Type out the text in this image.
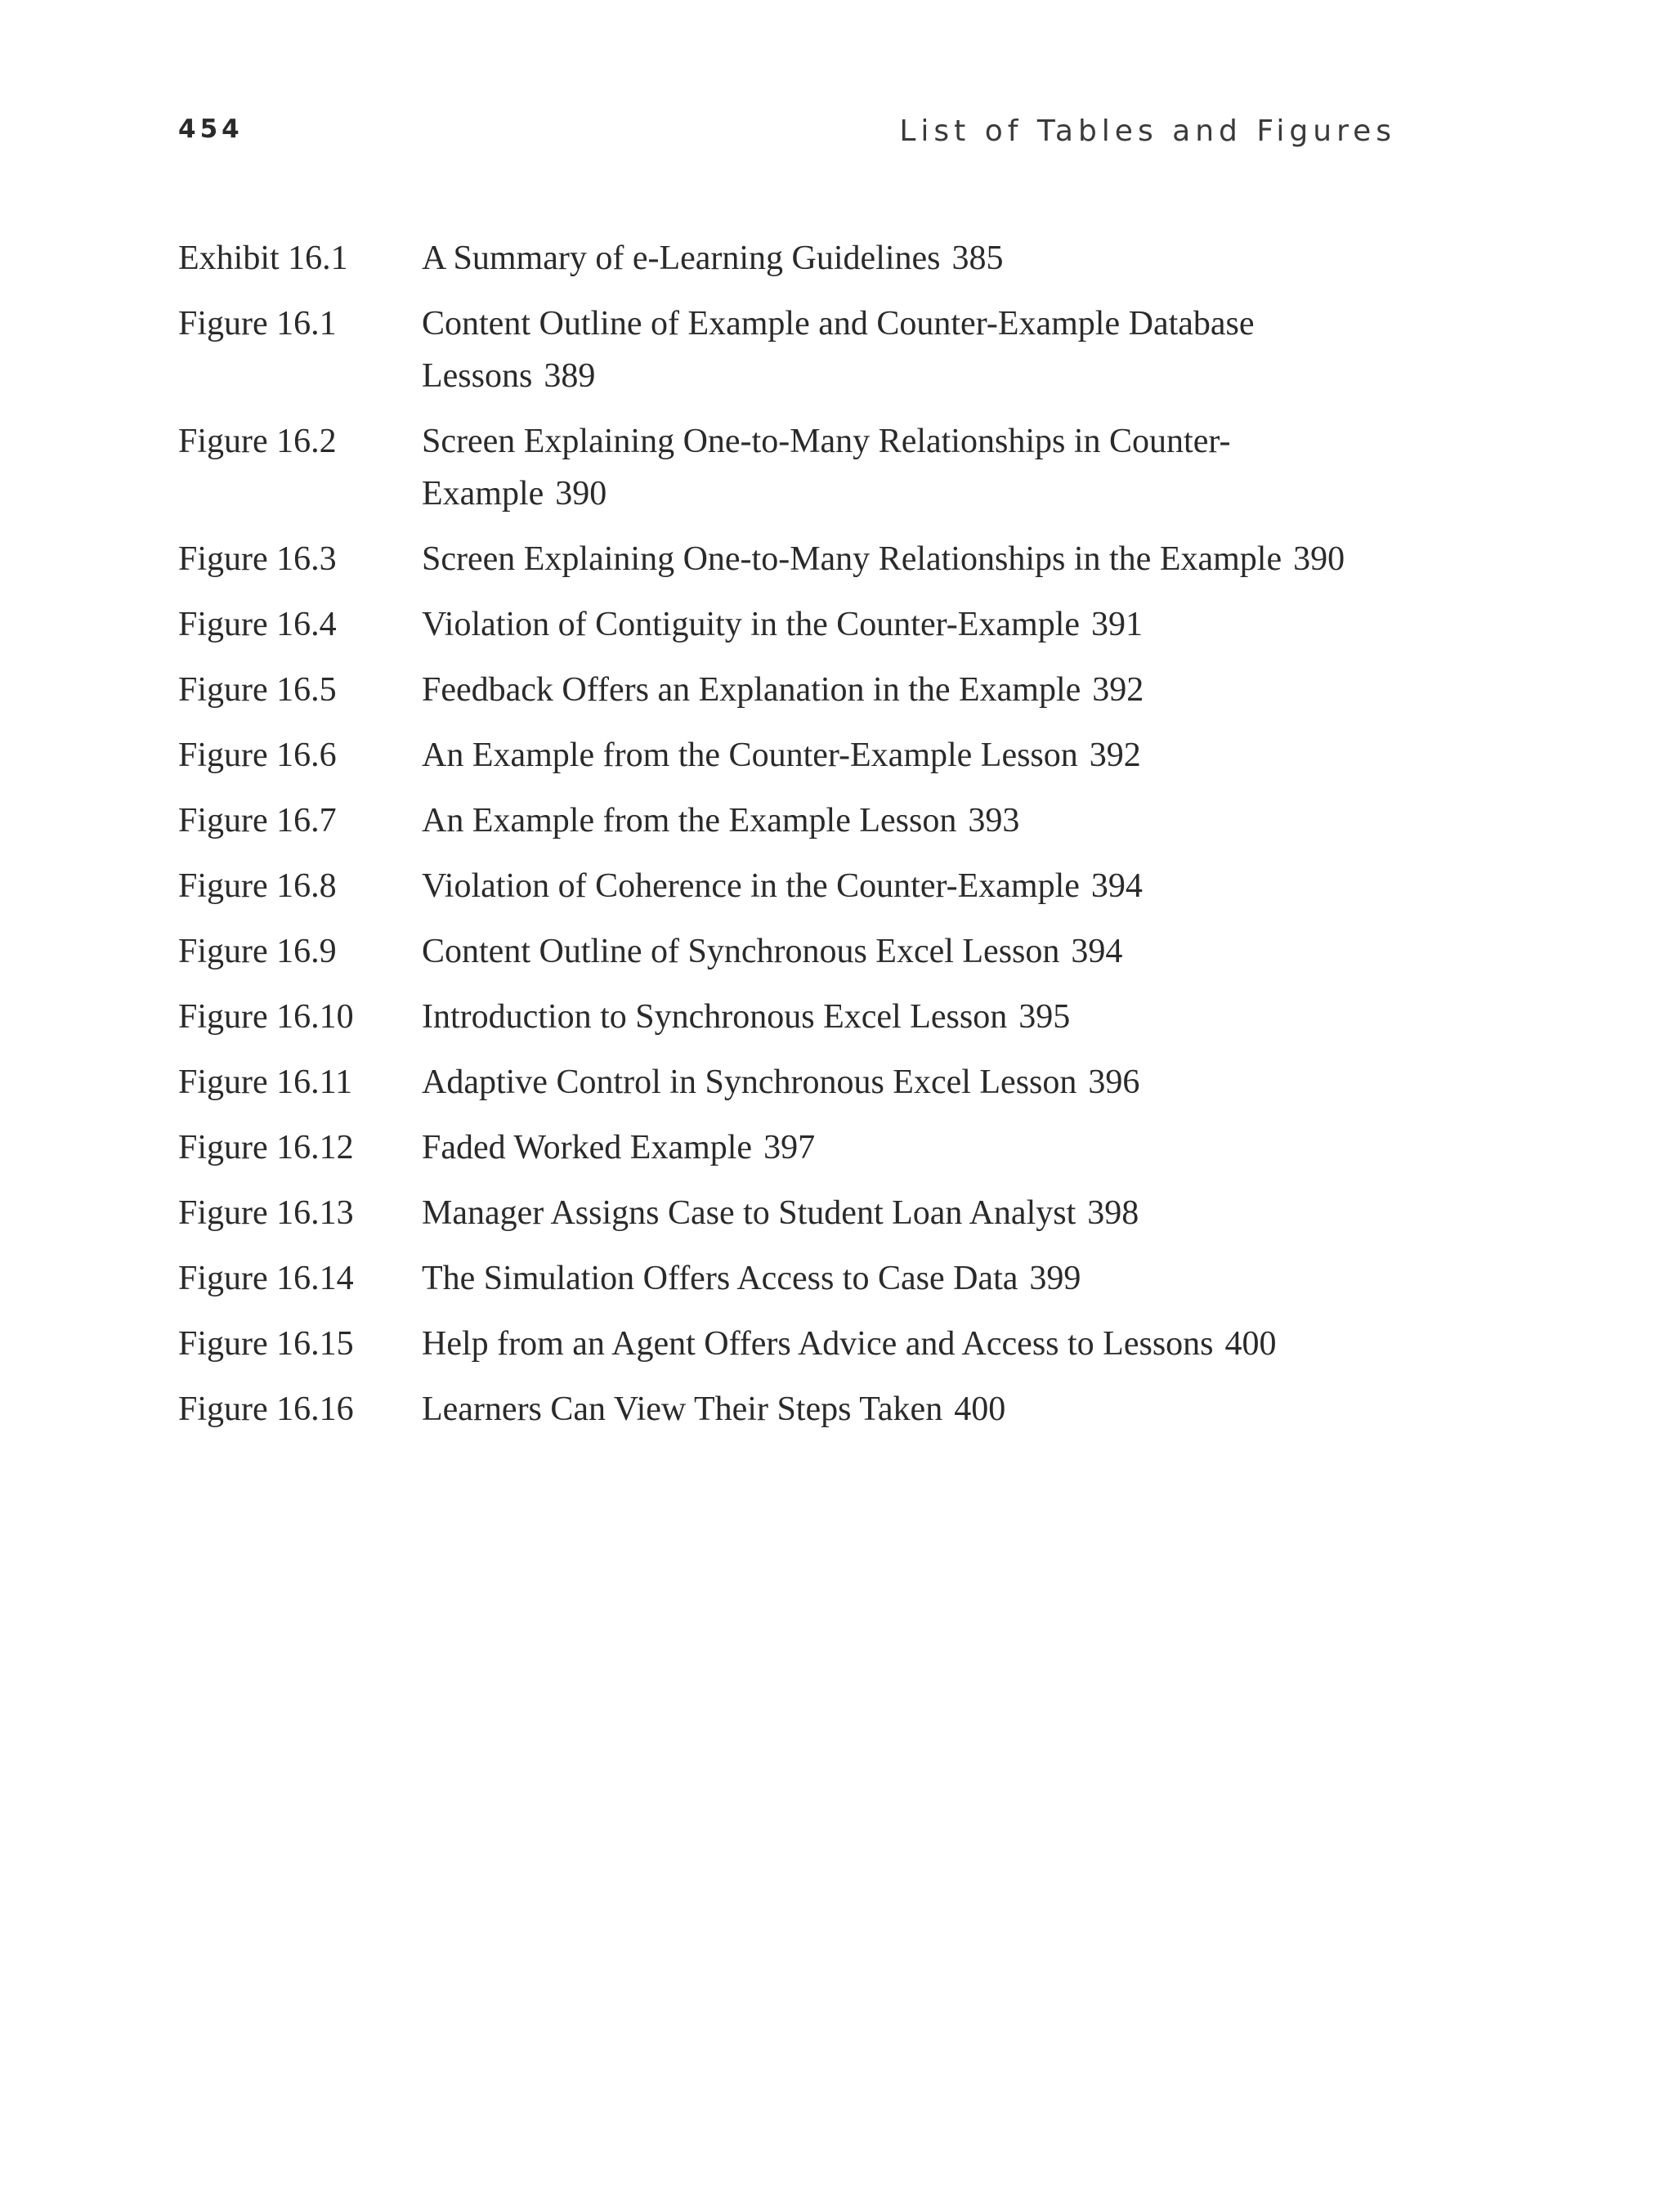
454	List of Tables and Figures
Exhibit 16.1	A Summary of e-Learning Guidelines 385
Figure 16.1	Content Outline of Example and Counter-Example Database Lessons 389
Figure 16.2	Screen Explaining One-to-Many Relationships in Counter-Example 390
Figure 16.3	Screen Explaining One-to-Many Relationships in the Example 390
Figure 16.4	Violation of Contiguity in the Counter-Example 391
Figure 16.5	Feedback Offers an Explanation in the Example 392
Figure 16.6	An Example from the Counter-Example Lesson 392
Figure 16.7	An Example from the Example Lesson 393
Figure 16.8	Violation of Coherence in the Counter-Example 394
Figure 16.9	Content Outline of Synchronous Excel Lesson 394
Figure 16.10	Introduction to Synchronous Excel Lesson 395
Figure 16.11	Adaptive Control in Synchronous Excel Lesson 396
Figure 16.12	Faded Worked Example 397
Figure 16.13	Manager Assigns Case to Student Loan Analyst 398
Figure 16.14	The Simulation Offers Access to Case Data 399
Figure 16.15	Help from an Agent Offers Advice and Access to Lessons 400
Figure 16.16	Learners Can View Their Steps Taken 400
